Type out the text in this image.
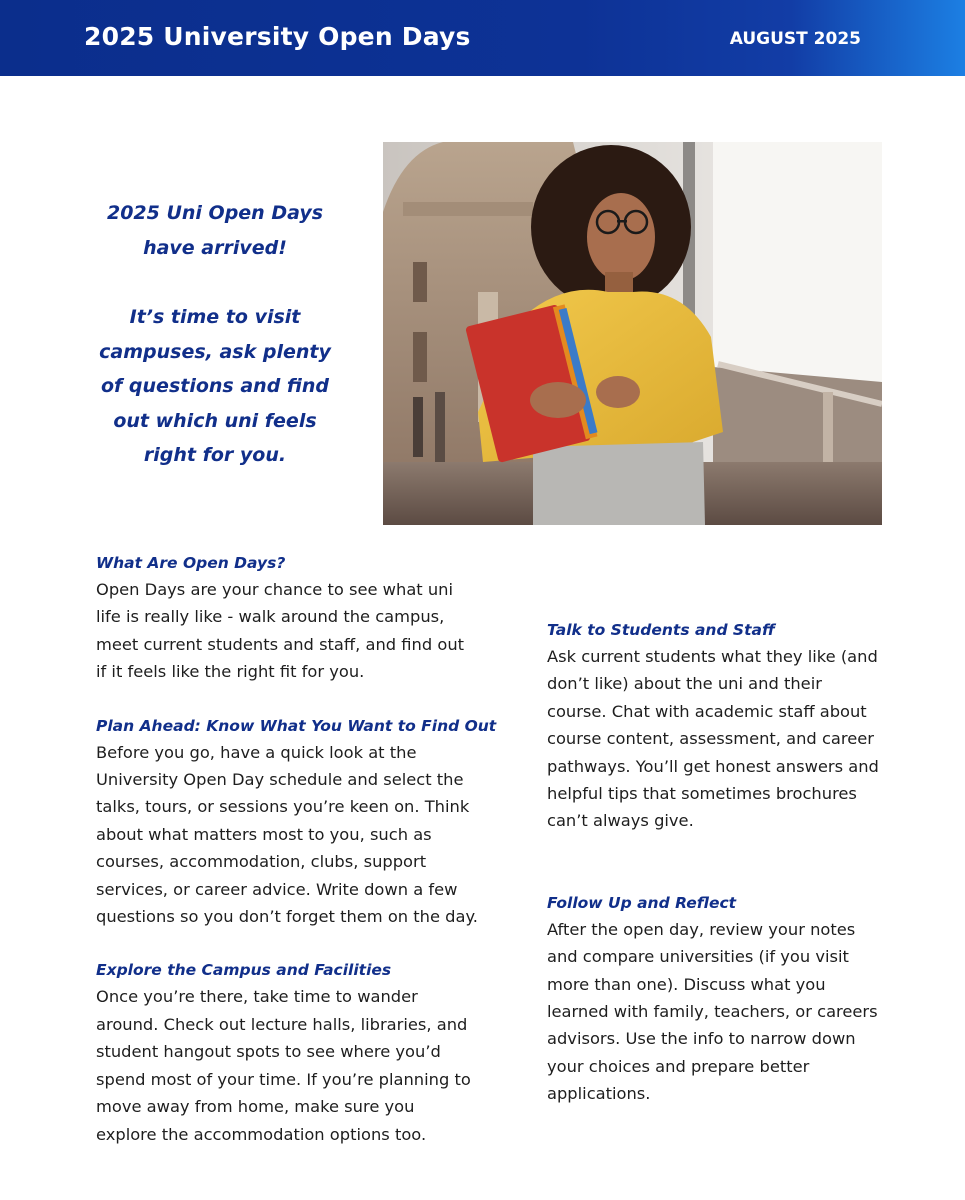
2025 University Open Days	AUGUST 2025

2025 Uni Open Days

have arrived!

It’s time to visit

campuses, ask plenty

of questions and find

out which uni feels

right for you.

What Are Open Days?
Open Days are your chance to see what uni
life is really like - walk around the campus,
meet current students and staff, and find out
if it feels like the right fit for you.
Plan Ahead: Know What You Want to Find Out
Before you go, have a quick look at the
University Open Day schedule and select the
talks, tours, or sessions you’re keen on. Think
about what matters most to you, such as
courses, accommodation, clubs, support
services, or career advice. Write down a few
questions so you don’t forget them on the day.
Explore the Campus and Facilities
Once you’re there, take time to wander
around. Check out lecture halls, libraries, and
student hangout spots to see where you’d
spend most of your time. If you’re planning to
move away from home, make sure you
explore the accommodation options too.
Talk to Students and Staff
Ask current students what they like (and
don’t like) about the uni and their
course. Chat with academic staff about
course content, assessment, and career
pathways. You’ll get honest answers and
helpful tips that sometimes brochures
can’t always give.
Follow Up and Reflect
After the open day, review your notes
and compare universities (if you visit
more than one). Discuss what you
learned with family, teachers, or careers
advisors. Use the info to narrow down
your choices and prepare better
applications.
